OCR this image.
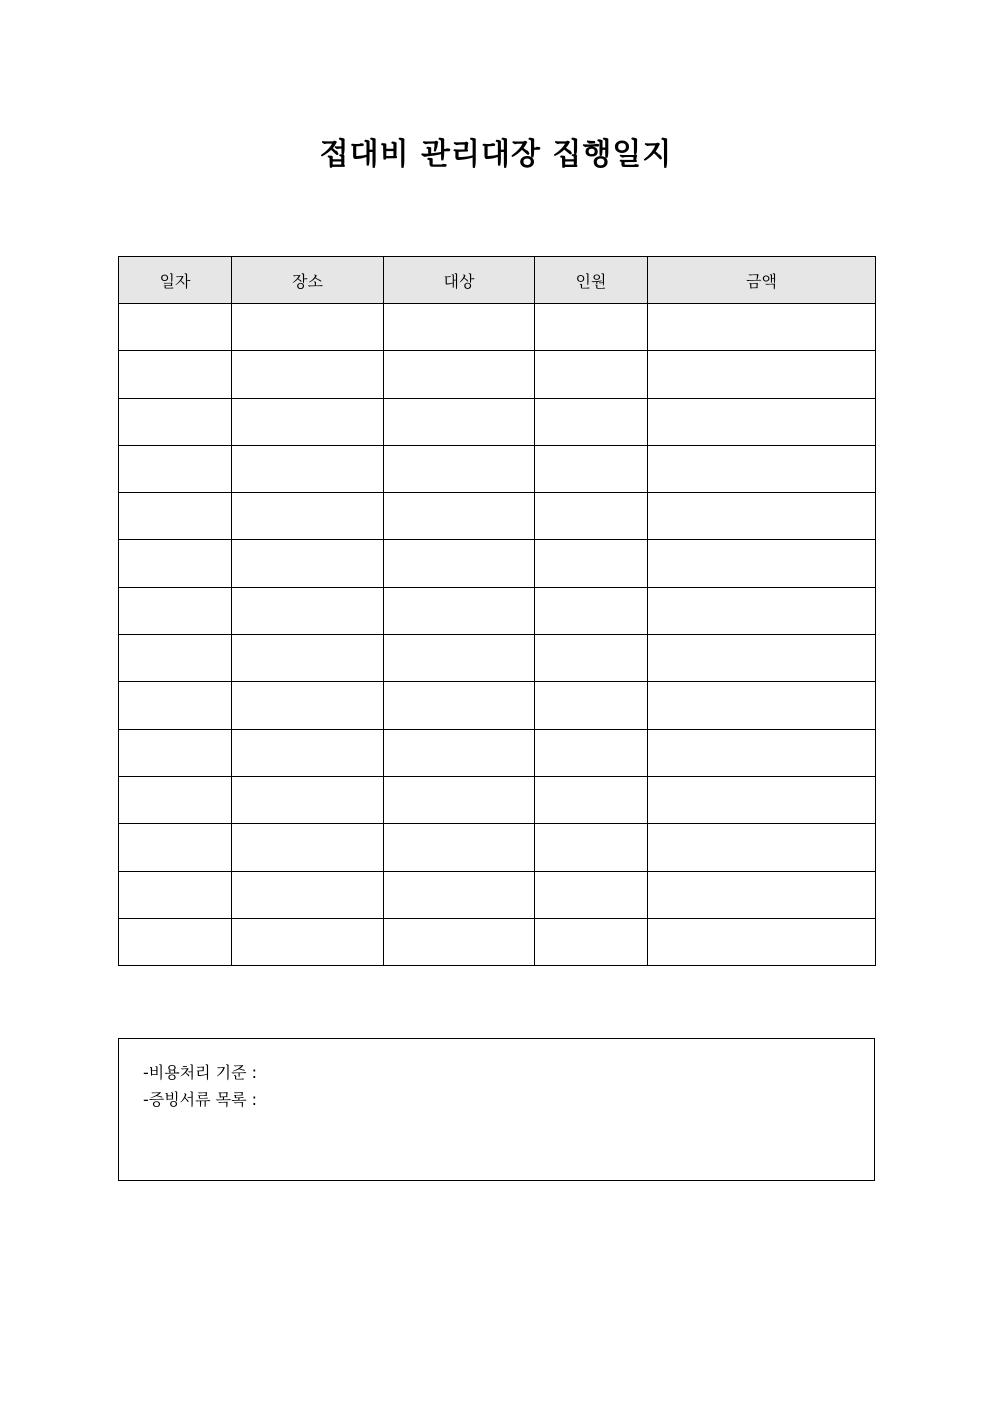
접대비 관리대장 집행일지
일자	장소	대상	인원	금액

-비용처리 기준 :
-증빙서류 목록 :
